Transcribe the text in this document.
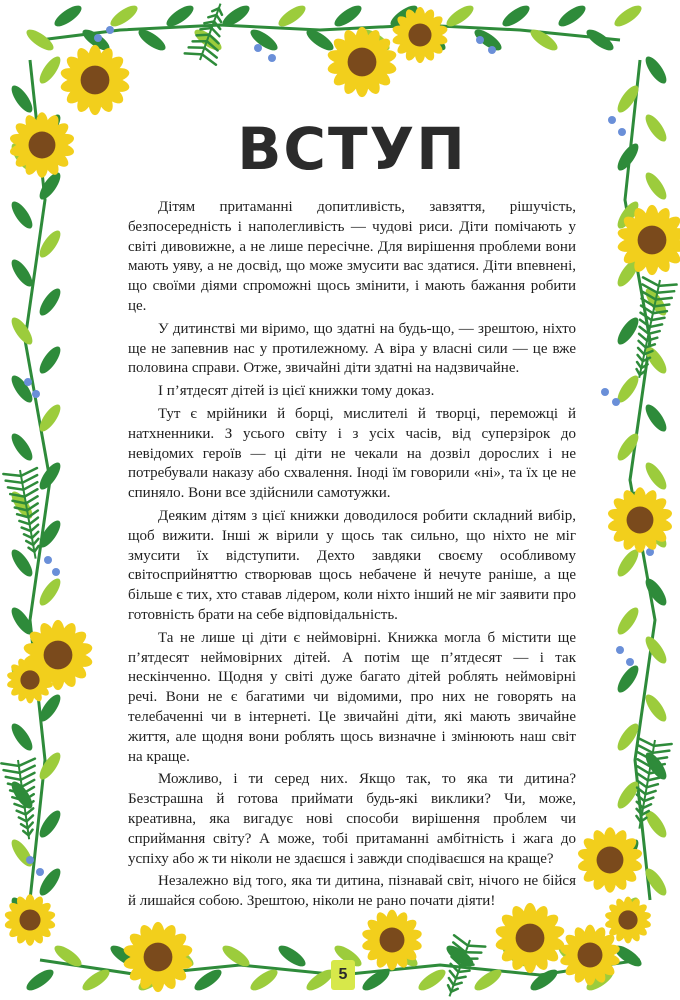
ВСТУП

Дітям притаманні допитливість, завзяття, рішучість, безпосередність і наполегливість — чудові риси. Діти помічають у світі дивовижне, а не лише пересічне. Для вирішення проблеми вони мають уяву, а не досвід, що може змусити вас здатися. Діти впевнені, що своїми діями спроможні щось змінити, і мають бажання робити це.

У дитинстві ми віримо, що здатні на будь-що, — зрештою, ніхто ще не запевнив нас у протилежному. А віра у власні сили — це вже половина справи. Отже, звичайні діти здатні на надзвичайне.

І п’ятдесят дітей із цієї книжки тому доказ.

Тут є мрійники й борці, мислителі й творці, переможці й натхненники. З усього світу і з усіх часів, від суперзірок до невідомих героїв — ці діти не чекали на дозвіл дорослих і не потребували наказу або схвалення. Іноді їм говорили «ні», та їх це не спиняло. Вони все здійснили самотужки.

Деяким дітям з цієї книжки доводилося робити складний вибір, щоб вижити. Інші ж вірили у щось так сильно, що ніхто не міг змусити їх відступити. Дехто завдяки своєму особливому світосприйняттю створював щось небачене й нечуте раніше, а ще більше є тих, хто ставав лідером, коли ніхто інший не міг заявити про готовність брати на себе відповідальність.

Та не лише ці діти є неймовірні. Книжка могла б містити ще п’ятдесят неймовірних дітей. А потім ще п’ятдесят — і так нескінченно. Щодня у світі дуже багато дітей роблять неймовірні речі. Вони не є багатими чи відомими, про них не говорять на телебаченні чи в інтернеті. Це звичайні діти, які мають звичайне життя, але щодня вони роблять щось визначне і змінюють наш світ на краще.

Можливо, і ти серед них. Якщо так, то яка ти дитина? Безстрашна й готова приймати будь-які виклики? Чи, може, креативна, яка вигадує нові способи вирішення проблем чи сприймання світу? А може, тобі притаманні амбітність і жага до успіху або ж ти ніколи не здаєшся і завжди сподіваєшся на краще?

Незалежно від того, яка ти дитина, пізнавай світ, нічого не бійся й лишайся собою. Зрештою, ніколи не рано почати діяти!

5
